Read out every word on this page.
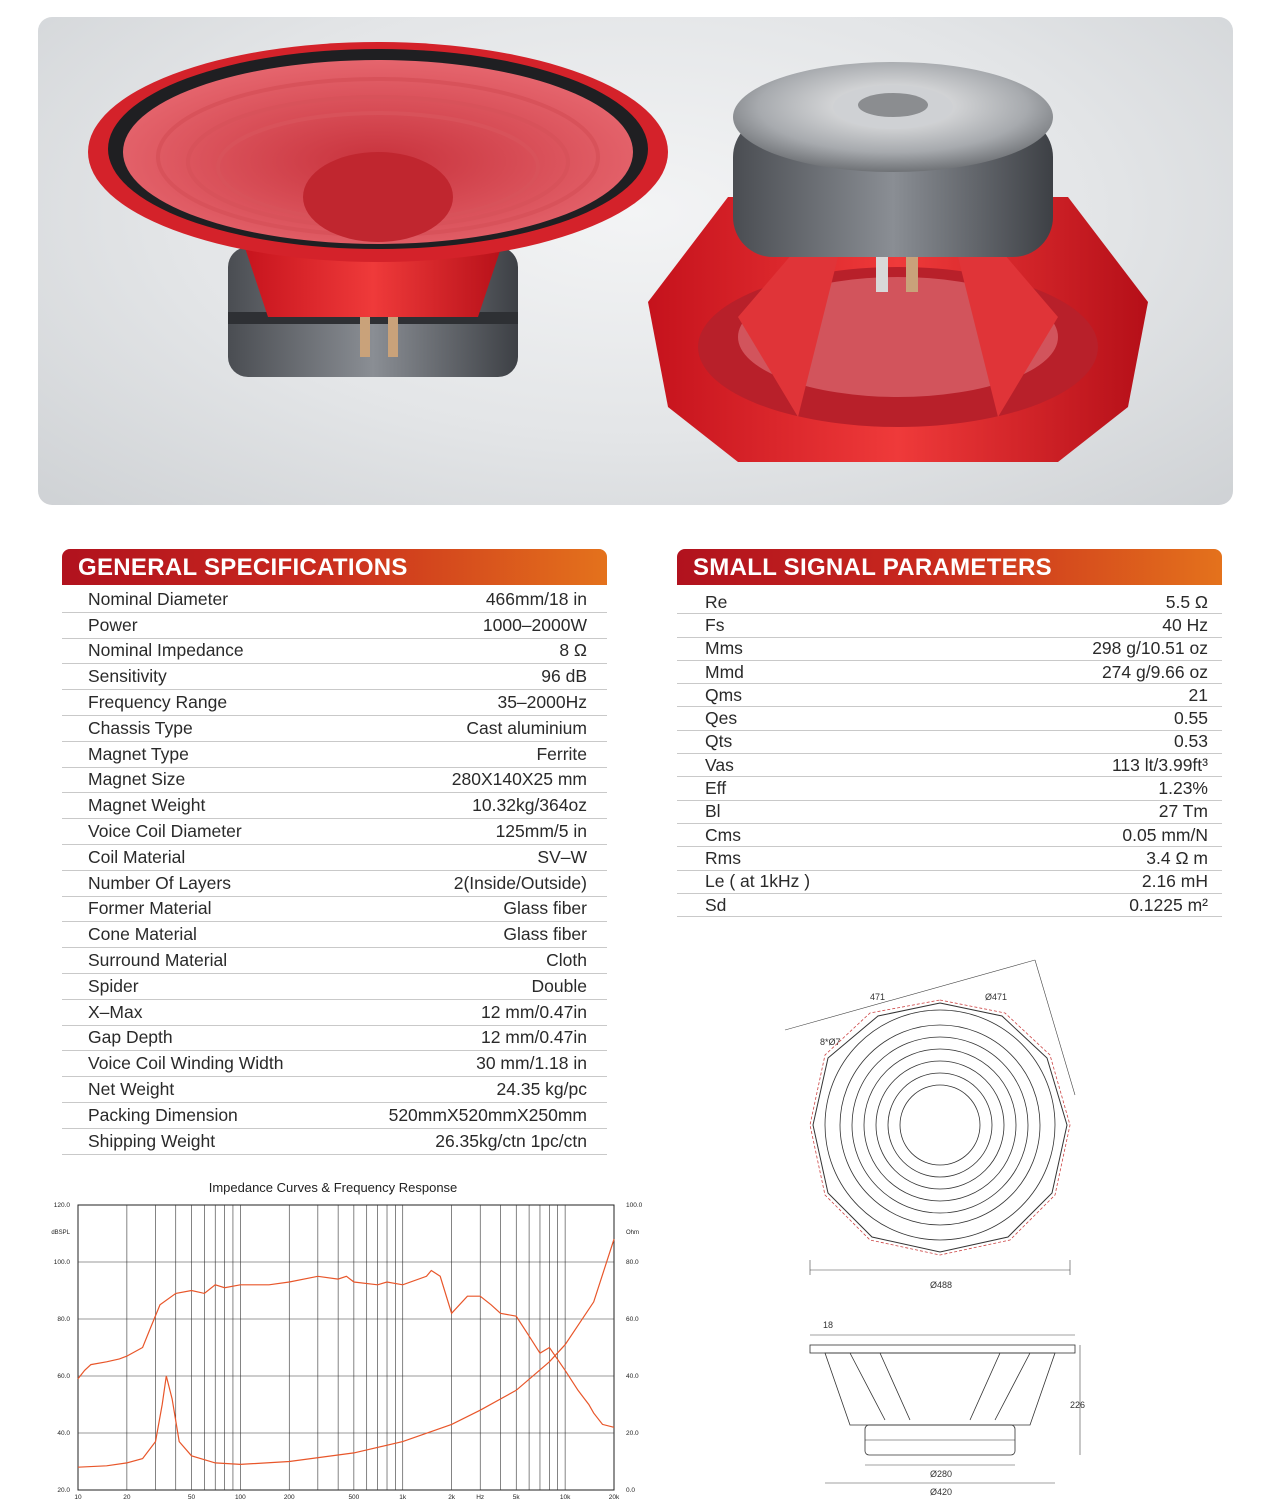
GENERAL SPECIFICATIONS
Nominal Diameter	466mm/18 in
Power	1000–2000W
Nominal Impedance	8 Ω
Sensitivity	96 dB
Frequency Range	35–2000Hz
Chassis Type	Cast aluminium
Magnet Type	Ferrite
Magnet Size	280X140X25 mm
Magnet Weight	10.32kg/364oz
Voice Coil Diameter	125mm/5 in
Coil Material	SV–W
Number Of Layers	2(Inside/Outside)
Former Material	Glass fiber
Cone Material	Glass fiber
Surround Material	Cloth
Spider	Double
X–Max	12 mm/0.47in
Gap Depth	12 mm/0.47in
Voice Coil Winding Width	30 mm/1.18 in
Net Weight	24.35 kg/pc
Packing Dimension	520mmX520mmX250mm
Shipping Weight	26.35kg/ctn 1pc/ctn
SMALL SIGNAL PARAMETERS
Re	5.5 Ω
Fs	40 Hz
Mms	298 g/10.51 oz
Mmd	274 g/9.66 oz
Qms	21
Qes	0.55
Qts	0.53
Vas	113 lt/3.99ft³
Eff	1.23%
Bl	27 Tm
Cms	0.05 mm/N
Rms	3.4 Ω m
Le ( at 1kHz )	2.16 mH
Sd	0.1225 m²
Impedance Curves & Frequency Response
10	20	50	100	200	500	1k	2k	5k	10k	20k
Hz
20.0
40.0
60.0
80.0
100.0
120.0
dBSPL
0.0
20.0
40.0
60.0
80.0
100.0
Ohm
471	Ø471
8*Ø7
Ø488
18
226
Ø280
Ø420
